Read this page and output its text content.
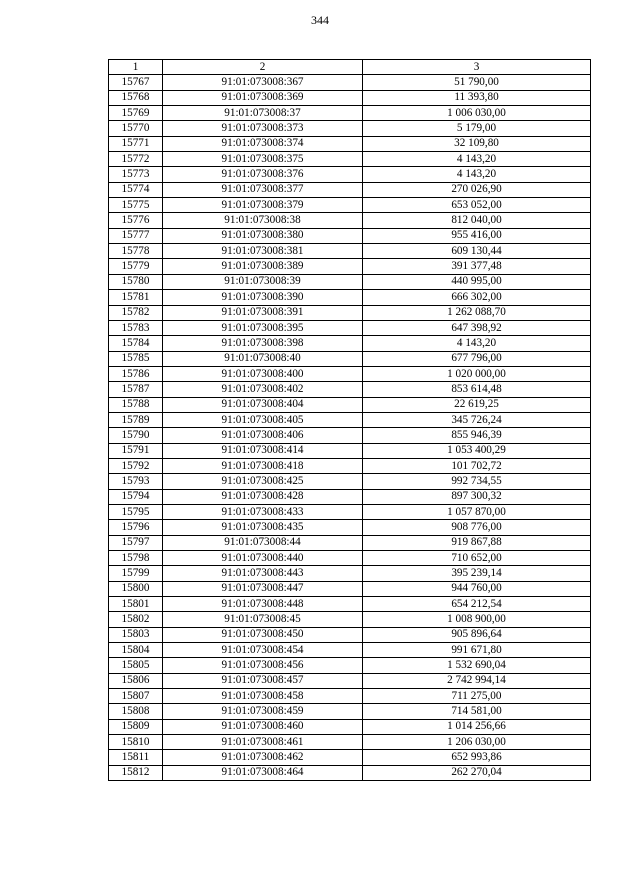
344
1	2	3
15767	91:01:073008:367	51 790,00
15768	91:01:073008:369	11 393,80
15769	91:01:073008:37	1 006 030,00
15770	91:01:073008:373	5 179,00
15771	91:01:073008:374	32 109,80
15772	91:01:073008:375	4 143,20
15773	91:01:073008:376	4 143,20
15774	91:01:073008:377	270 026,90
15775	91:01:073008:379	653 052,00
15776	91:01:073008:38	812 040,00
15777	91:01:073008:380	955 416,00
15778	91:01:073008:381	609 130,44
15779	91:01:073008:389	391 377,48
15780	91:01:073008:39	440 995,00
15781	91:01:073008:390	666 302,00
15782	91:01:073008:391	1 262 088,70
15783	91:01:073008:395	647 398,92
15784	91:01:073008:398	4 143,20
15785	91:01:073008:40	677 796,00
15786	91:01:073008:400	1 020 000,00
15787	91:01:073008:402	853 614,48
15788	91:01:073008:404	22 619,25
15789	91:01:073008:405	345 726,24
15790	91:01:073008:406	855 946,39
15791	91:01:073008:414	1 053 400,29
15792	91:01:073008:418	101 702,72
15793	91:01:073008:425	992 734,55
15794	91:01:073008:428	897 300,32
15795	91:01:073008:433	1 057 870,00
15796	91:01:073008:435	908 776,00
15797	91:01:073008:44	919 867,88
15798	91:01:073008:440	710 652,00
15799	91:01:073008:443	395 239,14
15800	91:01:073008:447	944 760,00
15801	91:01:073008:448	654 212,54
15802	91:01:073008:45	1 008 900,00
15803	91:01:073008:450	905 896,64
15804	91:01:073008:454	991 671,80
15805	91:01:073008:456	1 532 690,04
15806	91:01:073008:457	2 742 994,14
15807	91:01:073008:458	711 275,00
15808	91:01:073008:459	714 581,00
15809	91:01:073008:460	1 014 256,66
15810	91:01:073008:461	1 206 030,00
15811	91:01:073008:462	652 993,86
15812	91:01:073008:464	262 270,04
